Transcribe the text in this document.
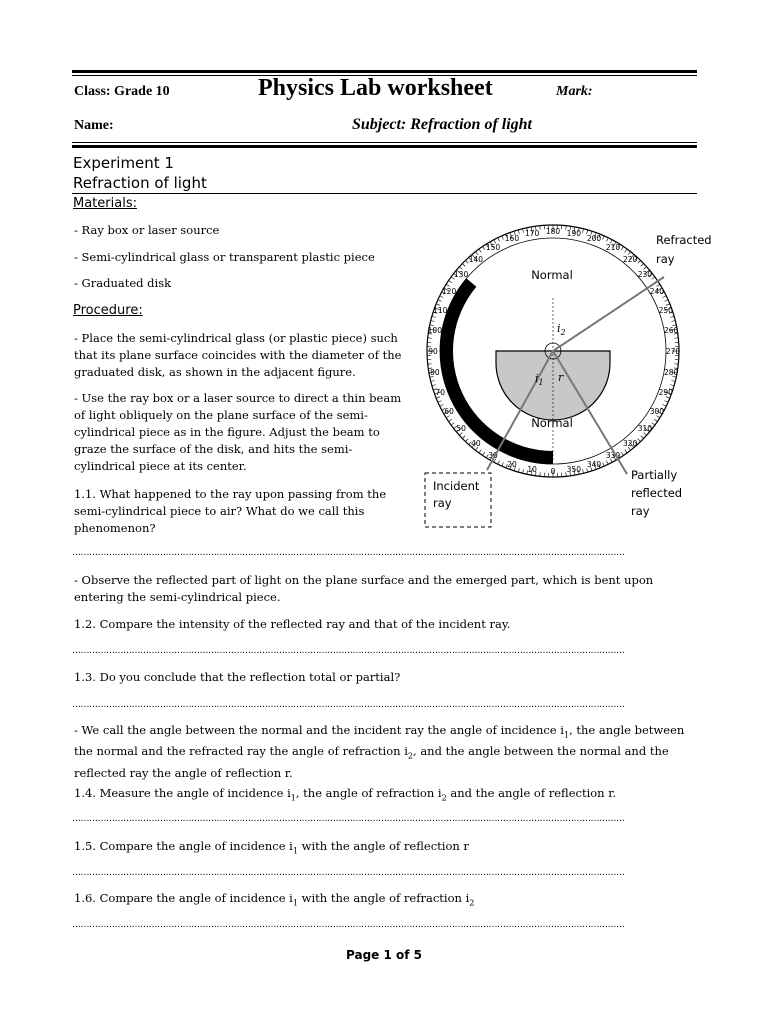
Class: Grade 10	Physics Lab worksheet	Mark:
Name:	Subject: Refraction of light
Experiment 1
Refraction of light
Materials:
- Ray box or laser source
- Semi-cylindrical glass or transparent plastic piece
- Graduated disk
Procedure:
- Place the semi-cylindrical glass (or plastic piece) such that its plane surface coincides with the diameter of the graduated disk, as shown in the adjacent figure.
- Use the ray box or a laser source to direct a thin beam of light obliquely on the plane surface of the semi-cylindrical piece as in the figure. Adjust the beam to graze the surface of the disk, and hits the semi-cylindrical piece at its center.
1.1. What happened to the ray upon passing from the semi-cylindrical piece to air? What do we call this phenomenon?
……………………………………………………………………………………………………………………………………………………………………………
- Observe the reflected part of light on the plane surface and the emerged part, which is bent upon entering the semi-cylindrical piece.
1.2. Compare the intensity of the reflected ray and that of the incident ray.
……………………………………………………………………………………………………………………………………………………………………………
1.3. Do you conclude that the reflection total or partial?
……………………………………………………………………………………………………………………………………………………………………………
- We call the angle between the normal and the incident ray the angle of incidence $i_1$, the angle between the normal and the refracted ray the angle of refraction $i_2$, and the angle between the normal and the reflected ray the angle of reflection r.
1.4. Measure the angle of incidence $i_1$, the angle of refraction $i_2$ and the angle of reflection r.
……………………………………………………………………………………………………………………………………………………………………………
1.5. Compare the angle of incidence $i_1$ with the angle of reflection r
……………………………………………………………………………………………………………………………………………………………………………
1.6. Compare the angle of incidence $i_1$ with the angle of refraction $i_2$
……………………………………………………………………………………………………………………………………………………………………………
Page 1 of 5
170 180 190
200
210
220
230
240
250
260
270
280
290
300
310
320
330
340
350
0
10
20
30
40
50
60
70
80
90
100
110
120
130
140
150
160
$i_2$
$i_1$ r
Normal
Normal
Refracted ray
Incident ray
Partially reflected ray
